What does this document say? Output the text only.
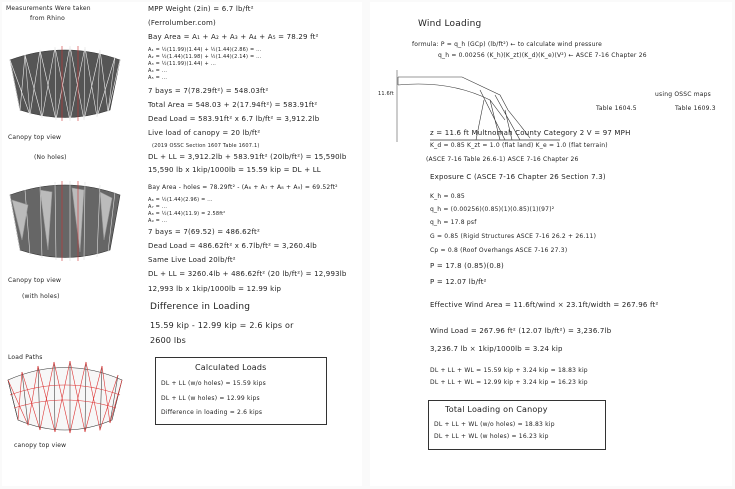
Measurements Were taken
from Rhino
Canopy top view
(No holes)
Canopy top view
(with holes)
Load Paths
canopy top view
MPP Weight (2in) = 6.7 lb/ft²
(Ferrolumber.com)
Bay Area = A₁ + A₂ + A₃ + A₄ + A₅ = 78.29 ft²
A₁ = ½(11.99)(1.44) + ½(1.44)(2.86) = ...
A₂ = ½(1.44)(11.98) + ½(1.44)(2.14) = ...
A₃ = ½(11.99)(1.44) + ...
A₄ = ...
A₅ = ...
7 bays = 7(78.29ft²) = 548.03ft²
Total Area = 548.03 + 2(17.94ft²) = 583.91ft²
Dead Load = 583.91ft² x 6.7 lb/ft² = 3,912.2lb
Live load of canopy = 20 lb/ft²
(2019 OSSC Section 1607 Table 1607.1)
DL + LL = 3,912.2lb + 583.91ft² (20lb/ft²) = 15,590lb
15,590 lb x 1kip/1000lb = 15.59 kip = DL + LL
Bay Area - holes = 78.29ft² - (A₆ + A₇ + A₈ + A₉) = 69.52ft²
A₆ = ½(1.44)(2.96) = ...
A₇ = ...
A₈ = ½(1.44)(11.9) = 2.58ft²
A₉ = ...
7 bays = 7(69.52) = 486.62ft²
Dead Load = 486.62ft² x 6.7lb/ft² = 3,260.4lb
Same Live Load 20lb/ft²
DL + LL = 3260.4lb + 486.62ft² (20 lb/ft²) = 12,993lb
12,993 lb x 1kip/1000lb = 12.99 kip
Difference in Loading
15.59 kip - 12.99 kip = 2.6 kips or
2600 lbs
Calculated Loads
DL + LL (w/o holes) = 15.59 kips
DL + LL (w holes) = 12.99 kips
Difference in loading = 2.6 kips
Wind Loading
formula: P = q_h (GCp) (lb/ft²) ← to calculate wind pressure
q_h = 0.00256 (K_h)(K_zt)(K_d)(K_e)(V²) ← ASCE 7-16 Chapter 26
11.6ft	using OSSC maps
Table 1604.5	Table 1609.3
z = 11.6 ft Multnomah County Category 2 V = 97 MPH
K_d = 0.85 K_zt = 1.0 (flat land) K_e = 1.0 (flat terrain)
(ASCE 7-16 Table 26.6-1) ASCE 7-16 Chapter 26
Exposure C (ASCE 7-16 Chapter 26 Section 7.3)
K_h = 0.85
q_h = (0.00256)(0.85)(1)(0.85)(1)(97)²
q_h = 17.8 psf
G = 0.85 (Rigid Structures ASCE 7-16 26.2 + 26.11)
Cp = 0.8 (Roof Overhangs ASCE 7-16 27.3)
P = 17.8 (0.85)(0.8)
P = 12.07 lb/ft²
Effective Wind Area = 11.6ft/wind × 23.1ft/width = 267.96 ft²
Wind Load = 267.96 ft² (12.07 lb/ft²) = 3,236.7lb
3,236.7 lb × 1kip/1000lb = 3.24 kip
DL + LL + WL = 15.59 kip + 3.24 kip = 18.83 kip
DL + LL + WL = 12.99 kip + 3.24 kip = 16.23 kip
Total Loading on Canopy
DL + LL + WL (w/o holes) = 18.83 kip
DL + LL + WL (w holes) = 16.23 kip
